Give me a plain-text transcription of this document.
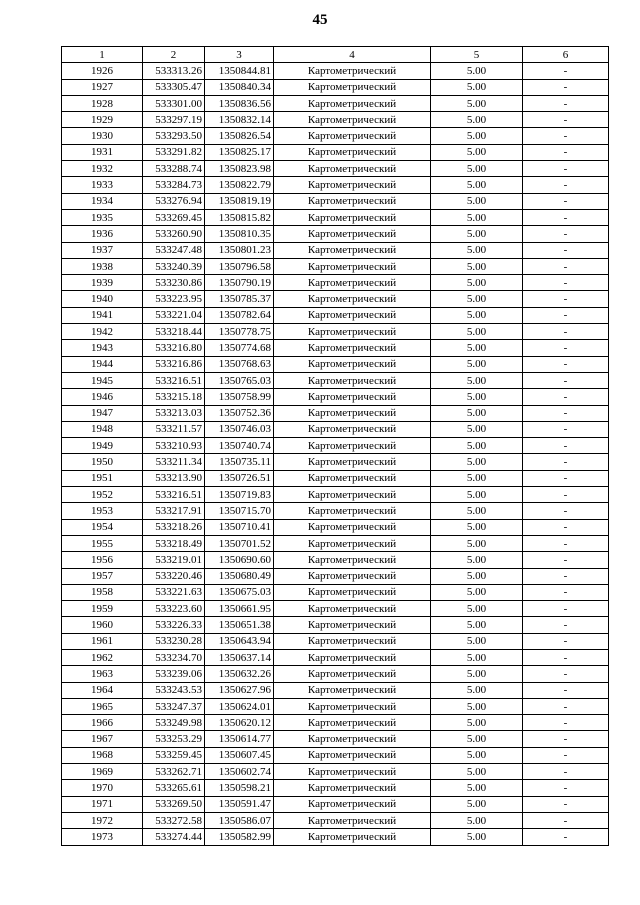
45
1	2	3	4	5	6
1926	533313.26	1350844.81	Картометрический	5.00	-
1927	533305.47	1350840.34	Картометрический	5.00	-
1928	533301.00	1350836.56	Картометрический	5.00	-
1929	533297.19	1350832.14	Картометрический	5.00	-
1930	533293.50	1350826.54	Картометрический	5.00	-
1931	533291.82	1350825.17	Картометрический	5.00	-
1932	533288.74	1350823.98	Картометрический	5.00	-
1933	533284.73	1350822.79	Картометрический	5.00	-
1934	533276.94	1350819.19	Картометрический	5.00	-
1935	533269.45	1350815.82	Картометрический	5.00	-
1936	533260.90	1350810.35	Картометрический	5.00	-
1937	533247.48	1350801.23	Картометрический	5.00	-
1938	533240.39	1350796.58	Картометрический	5.00	-
1939	533230.86	1350790.19	Картометрический	5.00	-
1940	533223.95	1350785.37	Картометрический	5.00	-
1941	533221.04	1350782.64	Картометрический	5.00	-
1942	533218.44	1350778.75	Картометрический	5.00	-
1943	533216.80	1350774.68	Картометрический	5.00	-
1944	533216.86	1350768.63	Картометрический	5.00	-
1945	533216.51	1350765.03	Картометрический	5.00	-
1946	533215.18	1350758.99	Картометрический	5.00	-
1947	533213.03	1350752.36	Картометрический	5.00	-
1948	533211.57	1350746.03	Картометрический	5.00	-
1949	533210.93	1350740.74	Картометрический	5.00	-
1950	533211.34	1350735.11	Картометрический	5.00	-
1951	533213.90	1350726.51	Картометрический	5.00	-
1952	533216.51	1350719.83	Картометрический	5.00	-
1953	533217.91	1350715.70	Картометрический	5.00	-
1954	533218.26	1350710.41	Картометрический	5.00	-
1955	533218.49	1350701.52	Картометрический	5.00	-
1956	533219.01	1350690.60	Картометрический	5.00	-
1957	533220.46	1350680.49	Картометрический	5.00	-
1958	533221.63	1350675.03	Картометрический	5.00	-
1959	533223.60	1350661.95	Картометрический	5.00	-
1960	533226.33	1350651.38	Картометрический	5.00	-
1961	533230.28	1350643.94	Картометрический	5.00	-
1962	533234.70	1350637.14	Картометрический	5.00	-
1963	533239.06	1350632.26	Картометрический	5.00	-
1964	533243.53	1350627.96	Картометрический	5.00	-
1965	533247.37	1350624.01	Картометрический	5.00	-
1966	533249.98	1350620.12	Картометрический	5.00	-
1967	533253.29	1350614.77	Картометрический	5.00	-
1968	533259.45	1350607.45	Картометрический	5.00	-
1969	533262.71	1350602.74	Картометрический	5.00	-
1970	533265.61	1350598.21	Картометрический	5.00	-
1971	533269.50	1350591.47	Картометрический	5.00	-
1972	533272.58	1350586.07	Картометрический	5.00	-
1973	533274.44	1350582.99	Картометрический	5.00	-
